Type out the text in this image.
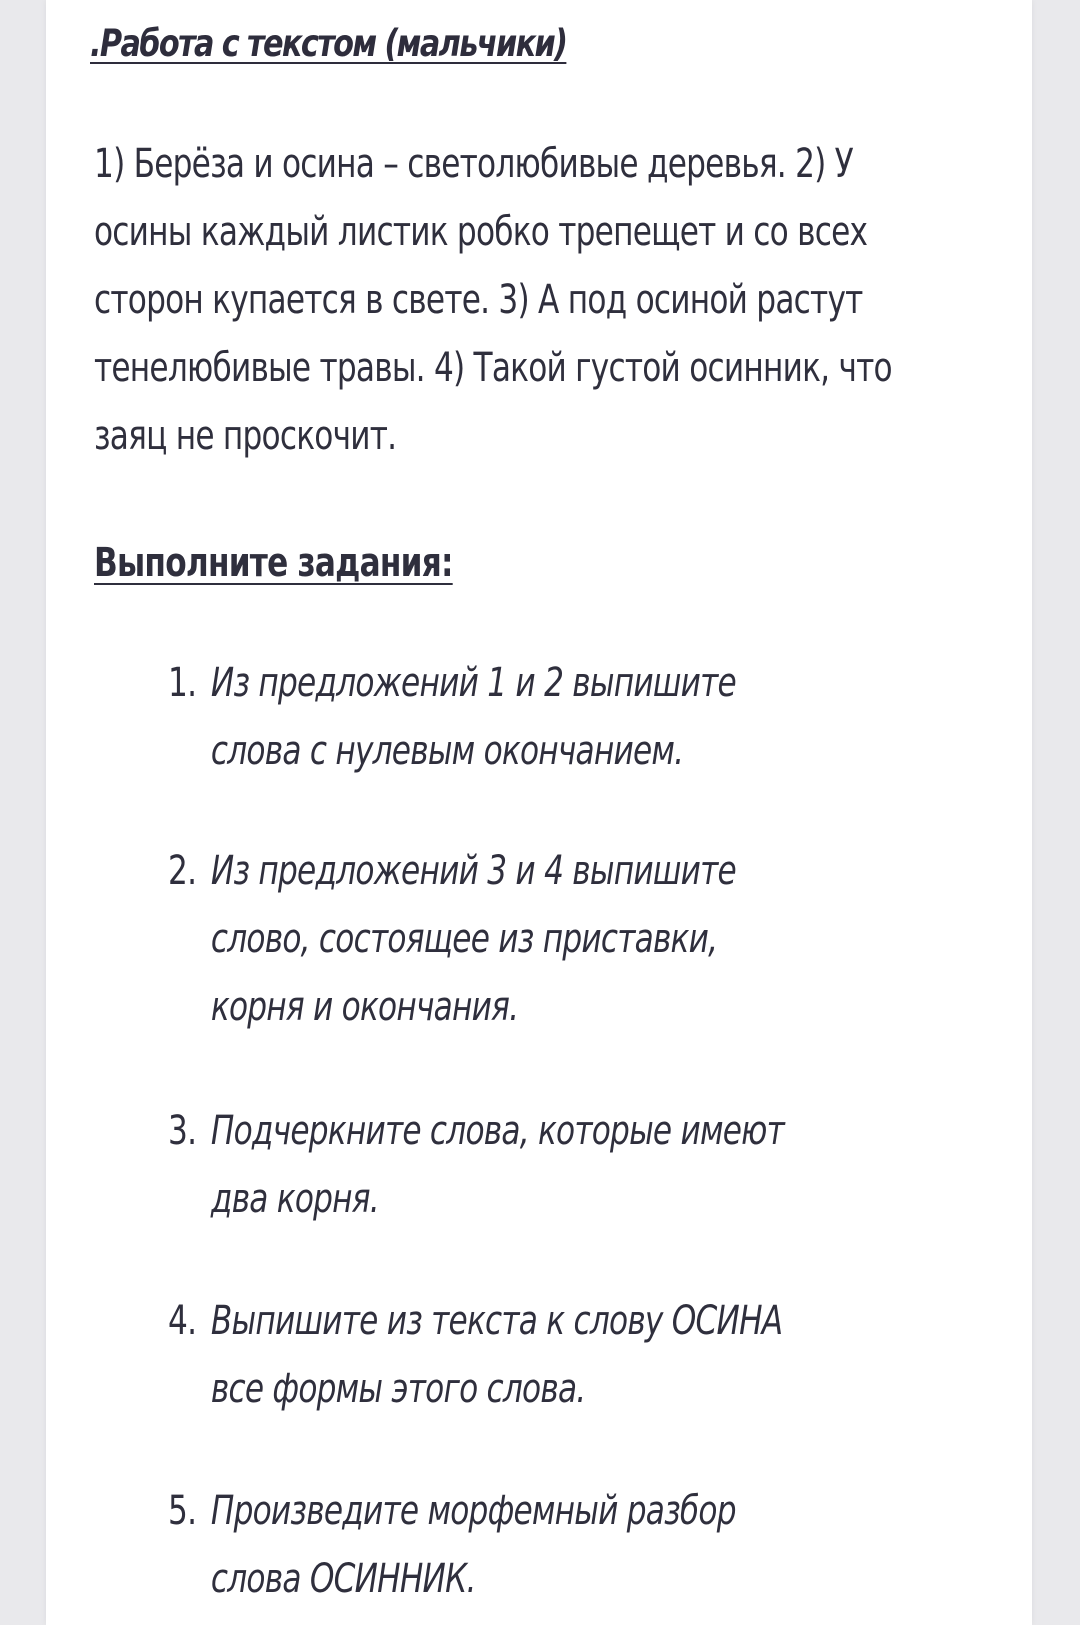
.Работа с текстом (мальчики)

1) Берёза и осина – светолюбивые деревья. 2) У осины каждый листик робко трепещет и со всех сторон купается в свете. 3) А под осиной растут тенелюбивые травы. 4) Такой густой осинник, что заяц не проскочит.

Выполните задания:
1. Из предложений 1 и 2 выпишите слова с нулевым окончанием.
2. Из предложений 3 и 4 выпишите слово, состоящее из приставки, корня и окончания.
3. Подчеркните слова, которые имеют два корня.
4. Выпишите из текста к слову ОСИНА все формы этого слова.
5. Произведите морфемный разбор слова ОСИННИК.
